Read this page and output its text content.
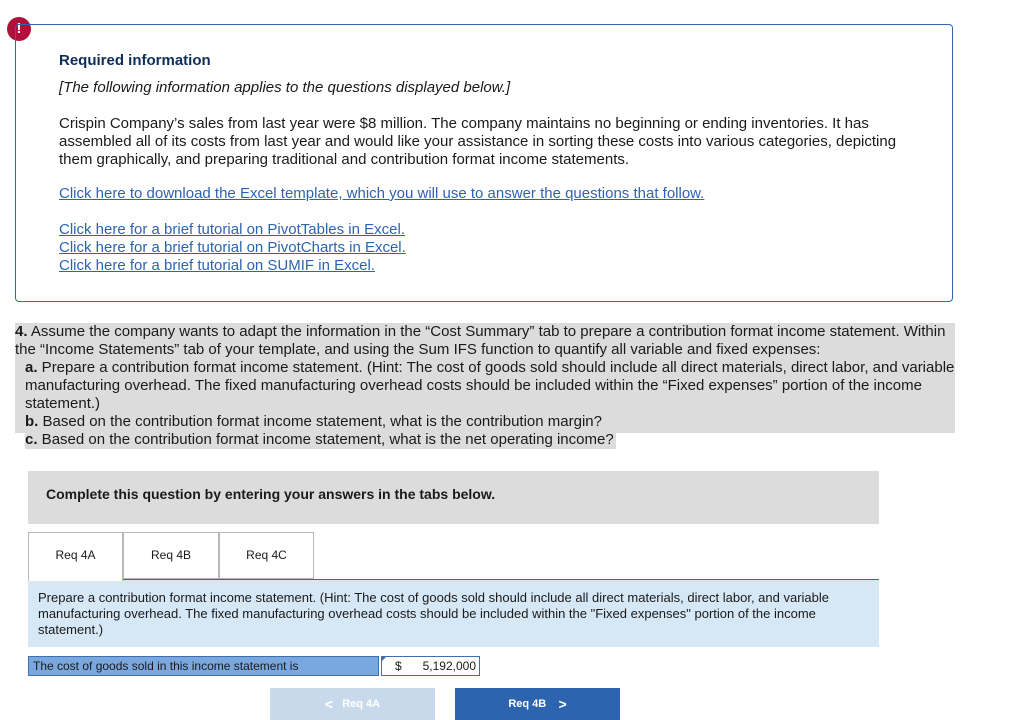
!
Required information
[The following information applies to the questions displayed below.]
Crispin Company’s sales from last year were $8 million. The company maintains no beginning or ending inventories. It has assembled all of its costs from last year and would like your assistance in sorting these costs into various categories, depicting them graphically, and preparing traditional and contribution format income statements.
Click here to download the Excel template, which you will use to answer the questions that follow.
Click here for a brief tutorial on PivotTables in Excel.
Click here for a brief tutorial on PivotCharts in Excel.
Click here for a brief tutorial on SUMIF in Excel.
4. Assume the company wants to adapt the information in the “Cost Summary” tab to prepare a contribution format income statement. Within the “Income Statements” tab of your template, and using the Sum IFS function to quantify all variable and fixed expenses:
a. Prepare a contribution format income statement. (Hint: The cost of goods sold should include all direct materials, direct labor, and variable manufacturing overhead. The fixed manufacturing overhead costs should be included within the “Fixed expenses” portion of the income statement.)
b. Based on the contribution format income statement, what is the contribution margin?
c. Based on the contribution format income statement, what is the net operating income?
Complete this question by entering your answers in the tabs below.
Req 4A	Req 4B	Req 4C
Prepare a contribution format income statement. (Hint: The cost of goods sold should include all direct materials, direct labor, and variable manufacturing overhead. The fixed manufacturing overhead costs should be included within the "Fixed expenses" portion of the income statement.)
The cost of goods sold in this income statement is	$ 5,192,000
< Req 4A	Req 4B >
